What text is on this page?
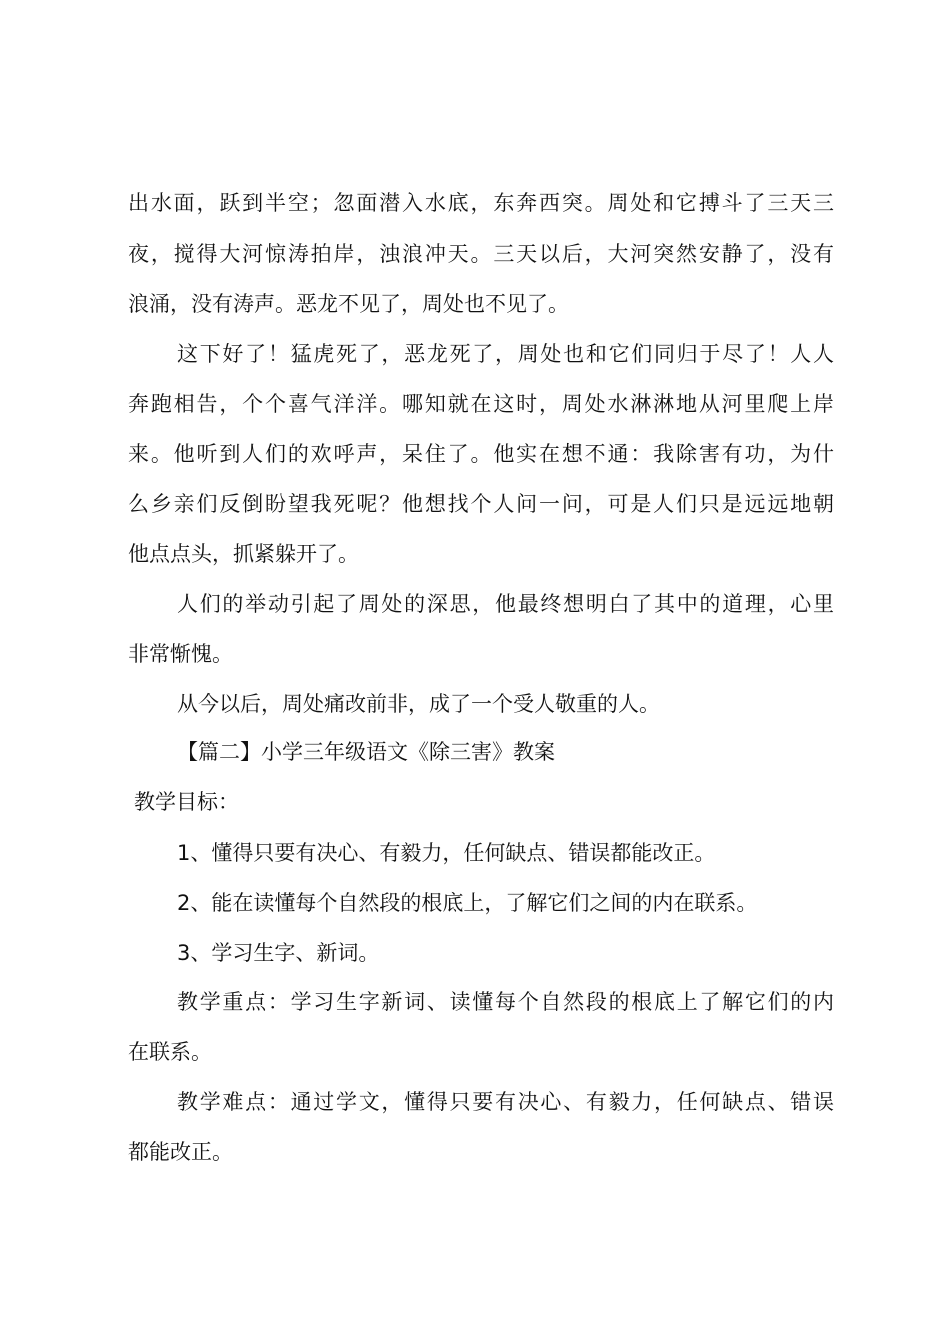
出水面，跃到半空；忽面潜入水底，东奔西突。周处和它搏斗了三天三
夜，搅得大河惊涛拍岸，浊浪冲天。三天以后，大河突然安静了，没有
浪涌，没有涛声。恶龙不见了，周处也不见了。
这下好了！猛虎死了，恶龙死了，周处也和它们同归于尽了！人人
奔跑相告，个个喜气洋洋。哪知就在这时，周处水淋淋地从河里爬上岸
来。他听到人们的欢呼声，呆住了。他实在想不通：我除害有功，为什
么乡亲们反倒盼望我死呢？他想找个人问一问，可是人们只是远远地朝
他点点头，抓紧躲开了。
人们的举动引起了周处的深思，他最终想明白了其中的道理，心里
非常惭愧。
从今以后，周处痛改前非，成了一个受人敬重的人。
【篇二】小学三年级语文《除三害》教案
教学目标：
1、懂得只要有决心、有毅力，任何缺点、错误都能改正。
2、能在读懂每个自然段的根底上，了解它们之间的内在联系。
3、学习生字、新词。
教学重点：学习生字新词、读懂每个自然段的根底上了解它们的内
在联系。
教学难点：通过学文，懂得只要有决心、有毅力，任何缺点、错误
都能改正。
